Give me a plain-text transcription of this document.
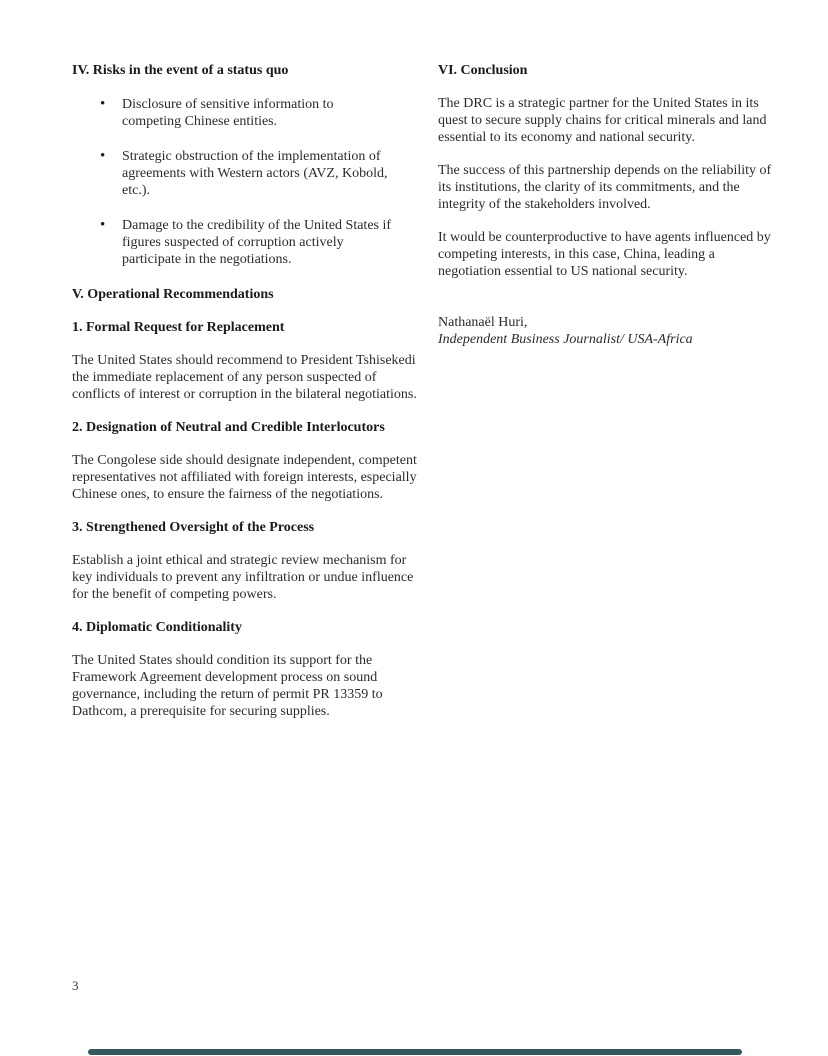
IV. Risks in the event of a status quo
• Disclosure of sensitive information to competing Chinese entities.
• Strategic obstruction of the implementation of agreements with Western actors (AVZ, Kobold, etc.).
• Damage to the credibility of the United States if figures suspected of corruption actively participate in the negotiations.
V. Operational Recommendations
1. Formal Request for Replacement

The United States should recommend to President Tshisekedi the immediate replacement of any person suspected of conflicts of interest or corruption in the bilateral negotiations.

2. Designation of Neutral and Credible Interlocutors

The Congolese side should designate independent, competent representatives not affiliated with foreign interests, especially Chinese ones, to ensure the fairness of the negotiations.

3. Strengthened Oversight of the Process

Establish a joint ethical and strategic review mechanism for key individuals to prevent any infiltration or undue influence for the benefit of competing powers.

4. Diplomatic Conditionality

The United States should condition its support for the Framework Agreement development process on sound governance, including the return of permit PR 13359 to Dathcom, a prerequisite for securing supplies.

VI. Conclusion

The DRC is a strategic partner for the United States in its quest to secure supply chains for critical minerals and land essential to its economy and national security.

The success of this partnership depends on the reliability of its institutions, the clarity of its commitments, and the integrity of the stakeholders involved.

It would be counterproductive to have agents influenced by competing interests, in this case, China, leading a negotiation essential to US national security.

Nathanaël Huri,
Independent Business Journalist/ USA-Africa
3
